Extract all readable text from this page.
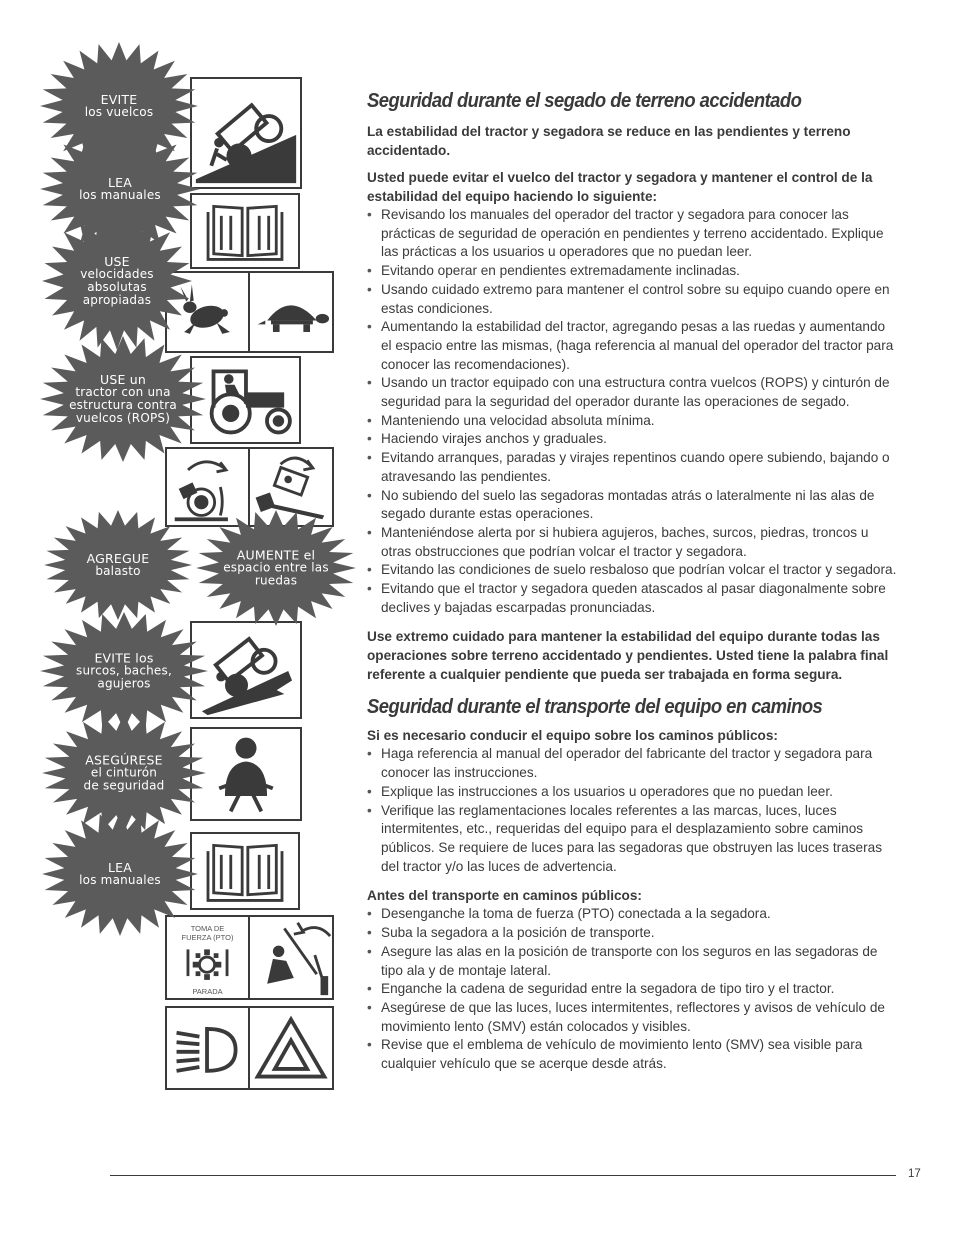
TOMA DE FUERZA (PTO)
PARADA
EVITE
los vuelcos
LEA
los manuales
USE
velocidades
absolutas
apropiadas
USE un
tractor con una
estructura contra
vuelcos (ROPS)
AGREGUE
balasto
AUMENTE el
espacio entre las
ruedas
EVITE los
surcos, baches,
agujeros
ASEGÚRESE
el cinturón
de seguridad
LEA
los manuales
Seguridad durante el segado de terreno accidentado

La estabilidad del tractor y segadora se reduce en las pendientes y terreno accidentado.

Usted puede evitar el vuelco del tractor y segadora y mantener el control de la estabilidad del equipo haciendo lo siguiente:

• Revisando los manuales del operador del tractor y segadora para conocer las prácticas de seguridad de operación en pendientes y terreno accidentado. Explique las prácticas a los usuarios u operadores que no puedan leer.
• Evitando operar en pendientes extremadamente inclinadas.
• Usando cuidado extremo para mantener el control sobre su equipo cuando opere en estas condiciones.
• Aumentando la estabilidad del tractor, agregando pesas a las ruedas y aumentando el espacio entre las mismas, (haga referencia al manual del operador del tractor para conocer las recomendaciones).
• Usando un tractor equipado con una estructura contra vuelcos (ROPS) y cinturón de seguridad para la seguridad del operador durante las operaciones de segado.
• Manteniendo una velocidad absoluta mínima.
• Haciendo virajes anchos y graduales.
• Evitando arranques, paradas y virajes repentinos cuando opere subiendo, bajando o atravesando las pendientes.
• No subiendo del suelo las segadoras montadas atrás o lateralmente ni las alas de segado durante estas operaciones.
• Manteniéndose alerta por si hubiera agujeros, baches, surcos, piedras, troncos u otras obstrucciones que podrían volcar el tractor y segadora.
• Evitando las condiciones de suelo resbaloso que podrían volcar el tractor y segadora.
• Evitando que el tractor y segadora queden atascados al pasar diagonalmente sobre declives y bajadas escarpadas pronunciadas.

Use extremo cuidado para mantener la estabilidad del equipo durante todas las operaciones sobre terreno accidentado y pendientes. Usted tiene la palabra final referente a cualquier pendiente que pueda ser trabajada en forma segura.

Seguridad durante el transporte del equipo en caminos

Si es necesario conducir el equipo sobre los caminos públicos:

• Haga referencia al manual del operador del fabricante del tractor y segadora para conocer las instrucciones.
• Explique las instrucciones a los usuarios u operadores que no puedan leer.
• Verifique las reglamentaciones locales referentes a las marcas, luces, luces intermitentes, etc., requeridas del equipo para el desplazamiento sobre caminos públicos. Se requiere de luces para las segadoras que obstruyen las luces traseras del tractor y/o las luces de advertencia.

Antes del transporte en caminos públicos:

• Desenganche la toma de fuerza (PTO) conectada a la segadora.
• Suba la segadora a la posición de transporte.
• Asegure las alas en la posición de transporte con los seguros en las segadoras de tipo ala y de montaje lateral.
• Enganche la cadena de seguridad entre la segadora de tipo tiro y el tractor.
• Asegúrese de que las luces, luces intermitentes, reflectores y avisos de vehículo de movimiento lento (SMV) están colocados y visibles.
• Revise que el emblema de vehículo de movimiento lento (SMV) sea visible para cualquier vehículo que se acerque desde atrás.
17
